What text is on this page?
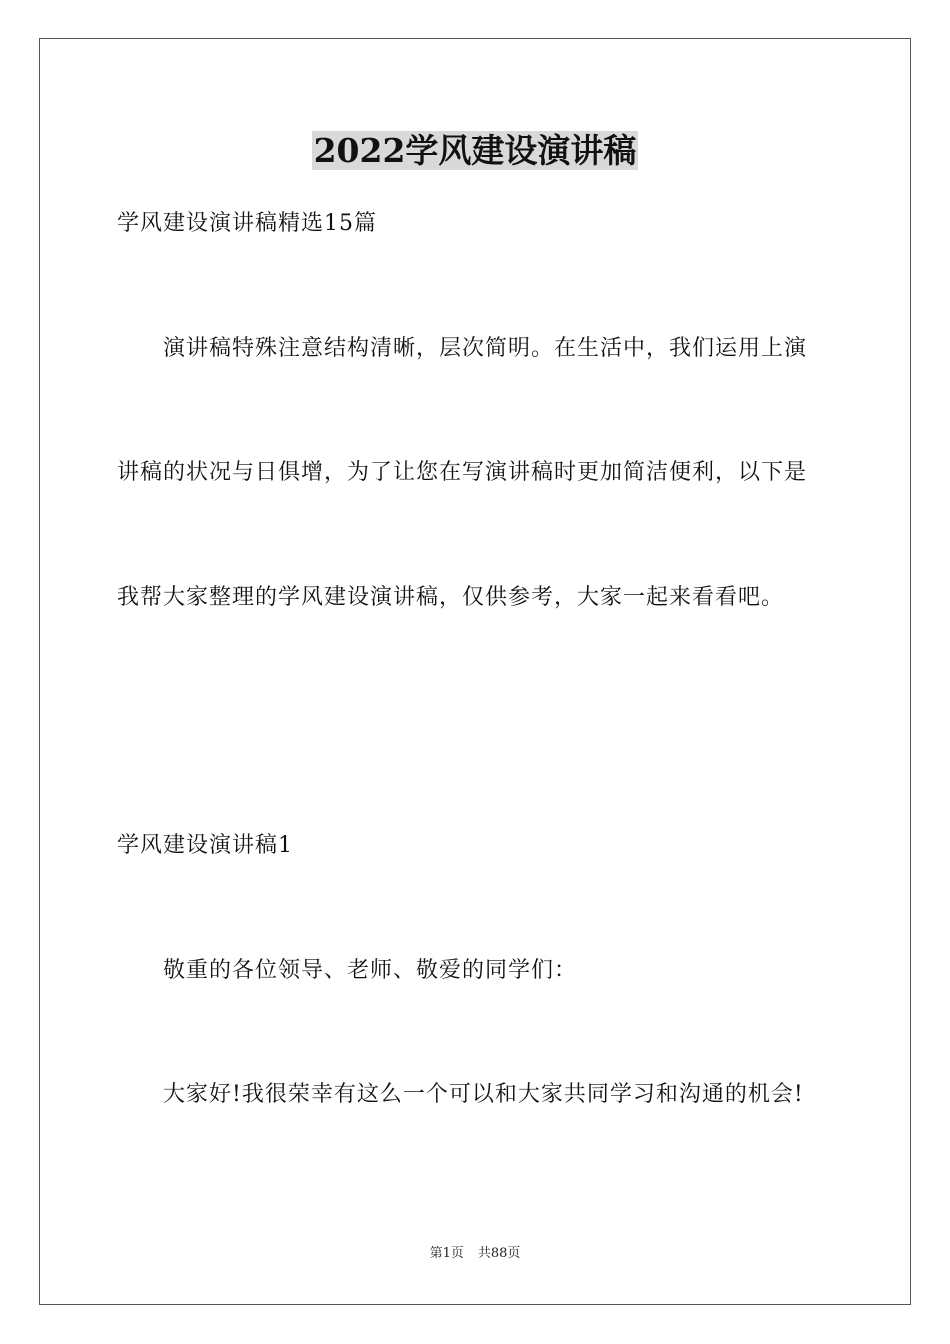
2022学风建设演讲稿
学风建设演讲稿精选15篇
演讲稿特殊注意结构清晰，层次简明。在生活中，我们运用上演
讲稿的状况与日俱增，为了让您在写演讲稿时更加简洁便利，以下是
我帮大家整理的学风建设演讲稿，仅供参考，大家一起来看看吧。
学风建设演讲稿1
敬重的各位领导、老师、敬爱的同学们：
大家好!我很荣幸有这么一个可以和大家共同学习和沟通的机会!
第1页 共88页
